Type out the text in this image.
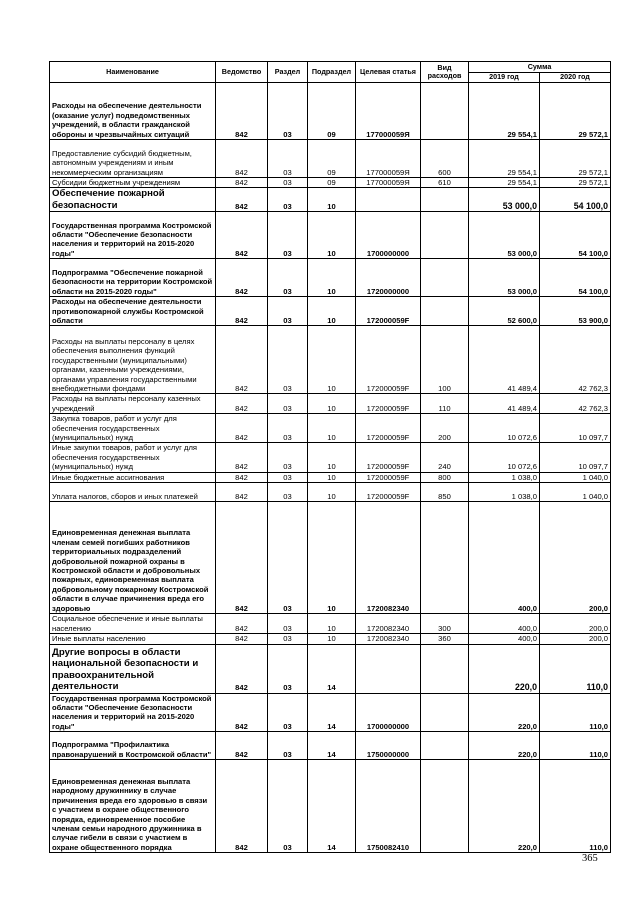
Наименование	Ведомство	Раздел	Подраздел	Целевая статья	Вид расходов	Сумма	
						2019 год	2020 год
Расходы на обеспечение деятельности (оказание услуг) подведомственных учреждений, в области гражданской обороны и чрезвычайных ситуаций	842	03	09	177000059Я		29 554,1	29 572,1
Предоставление субсидий бюджетным, автономным учреждениям и иным некоммерческим организациям	842	03	09	177000059Я	600	29 554,1	29 572,1
Субсидии бюджетным учреждениям	842	03	09	177000059Я	610	29 554,1	29 572,1
Обеспечение пожарной безопасности	842	03	10			53 000,0	54 100,0
Государственная программа Костромской области "Обеспечение безопасности населения и территорий на 2015-2020 годы"	842	03	10	1700000000		53 000,0	54 100,0
Подпрограмма "Обеспечение пожарной безопасности на территории Костромской области на 2015-2020 годы"	842	03	10	1720000000		53 000,0	54 100,0
Расходы на обеспечение деятельности противопожарной службы Костромской области	842	03	10	172000059F		52 600,0	53 900,0
Расходы на выплаты персоналу в целях обеспечения выполнения функций государственными (муниципальными) органами, казенными учреждениями, органами управления государственными внебюджетными фондами	842	03	10	172000059F	100	41 489,4	42 762,3
Расходы на выплаты персоналу казенных учреждений	842	03	10	172000059F	110	41 489,4	42 762,3
Закупка товаров, работ и услуг для обеспечения государственных (муниципальных) нужд	842	03	10	172000059F	200	10 072,6	10 097,7
Иные закупки товаров, работ и услуг для обеспечения государственных (муниципальных) нужд	842	03	10	172000059F	240	10 072,6	10 097,7
Иные бюджетные ассигнования	842	03	10	172000059F	800	1 038,0	1 040,0
Уплата налогов, сборов и иных платежей	842	03	10	172000059F	850	1 038,0	1 040,0
Единовременная денежная выплата членам семей погибших работников территориальных подразделений добровольной пожарной охраны в Костромской области и добровольных пожарных, единовременная выплата добровольному пожарному Костромской области в случае причинения вреда его здоровью	842	03	10	1720082340		400,0	200,0
Социальное обеспечение и иные выплаты населению	842	03	10	1720082340	300	400,0	200,0
Иные выплаты населению	842	03	10	1720082340	360	400,0	200,0
Другие вопросы в области национальной безопасности и правоохранительной деятельности	842	03	14			220,0	110,0
Государственная программа Костромской области "Обеспечение безопасности населения и территорий на 2015-2020 годы"	842	03	14	1700000000		220,0	110,0
Подпрограмма "Профилактика правонарушений в Костромской области"	842	03	14	1750000000		220,0	110,0
Единовременная денежная выплата народному дружиннику в случае причинения вреда его здоровью в связи с участием в охране общественного порядка, единовременное пособие членам семьи народного дружинника в случае гибели в связи с участием в охране общественного порядка	842	03	14	1750082410		220,0	110,0
365
